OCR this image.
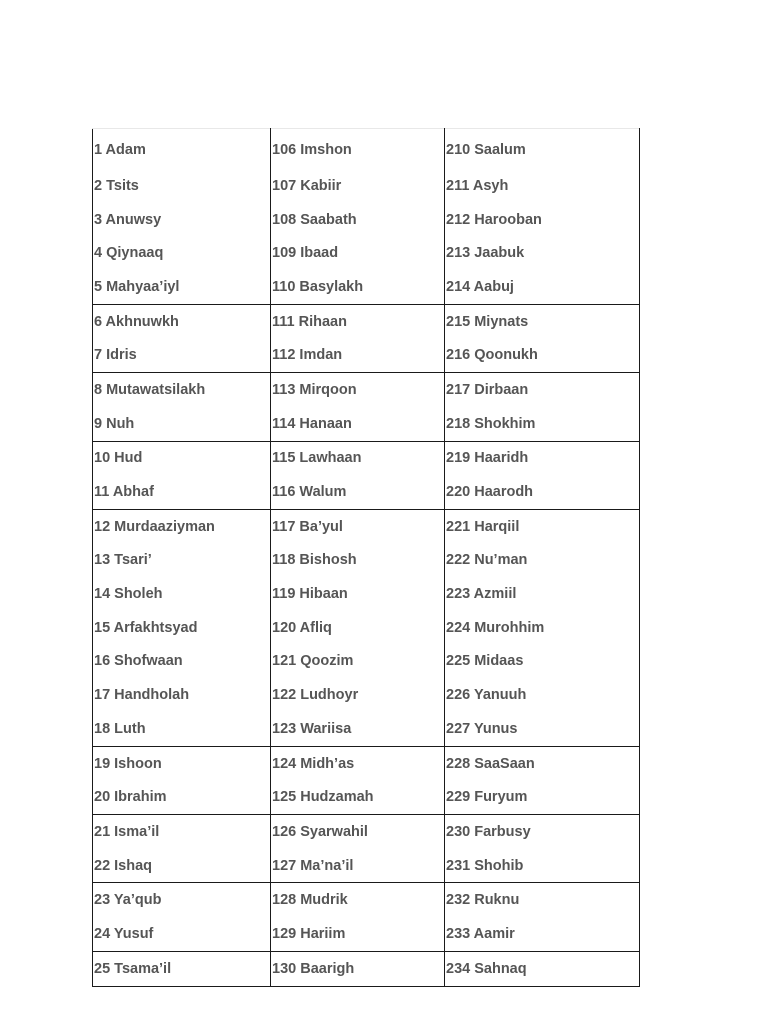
1 Adam	106 Imshon	210 Saalum
2 Tsits	107 Kabiir	211 Asyh
3 Anuwsy	108 Saabath	212 Harooban
4 Qiynaaq	109 Ibaad	213 Jaabuk
5 Mahyaa’iyl	110 Basylakh	214 Aabuj
6 Akhnuwkh	111 Rihaan	215 Miynats
7 Idris	112 Imdan	216 Qoonukh
8 Mutawatsilakh	113 Mirqoon	217 Dirbaan
9 Nuh	114 Hanaan	218 Shokhim
10 Hud	115 Lawhaan	219 Haaridh
11 Abhaf	116 Walum	220 Haarodh
12 Murdaaziyman	117 Ba’yul	221 Harqiil
13 Tsari’	118 Bishosh	222 Nu’man
14 Sholeh	119 Hibaan	223 Azmiil
15 Arfakhtsyad	120 Afliq	224 Murohhim
16 Shofwaan	121 Qoozim	225 Midaas
17 Handholah	122 Ludhoyr	226 Yanuuh
18 Luth	123 Wariisa	227 Yunus
19 Ishoon	124 Midh’as	228 SaaSaan
20 Ibrahim	125 Hudzamah	229 Furyum
21 Isma’il	126 Syarwahil	230 Farbusy
22 Ishaq	127 Ma’na’il	231 Shohib
23 Ya’qub	128 Mudrik	232 Ruknu
24 Yusuf	129 Hariim	233 Aamir
25 Tsama’il	130 Baarigh	234 Sahnaq
